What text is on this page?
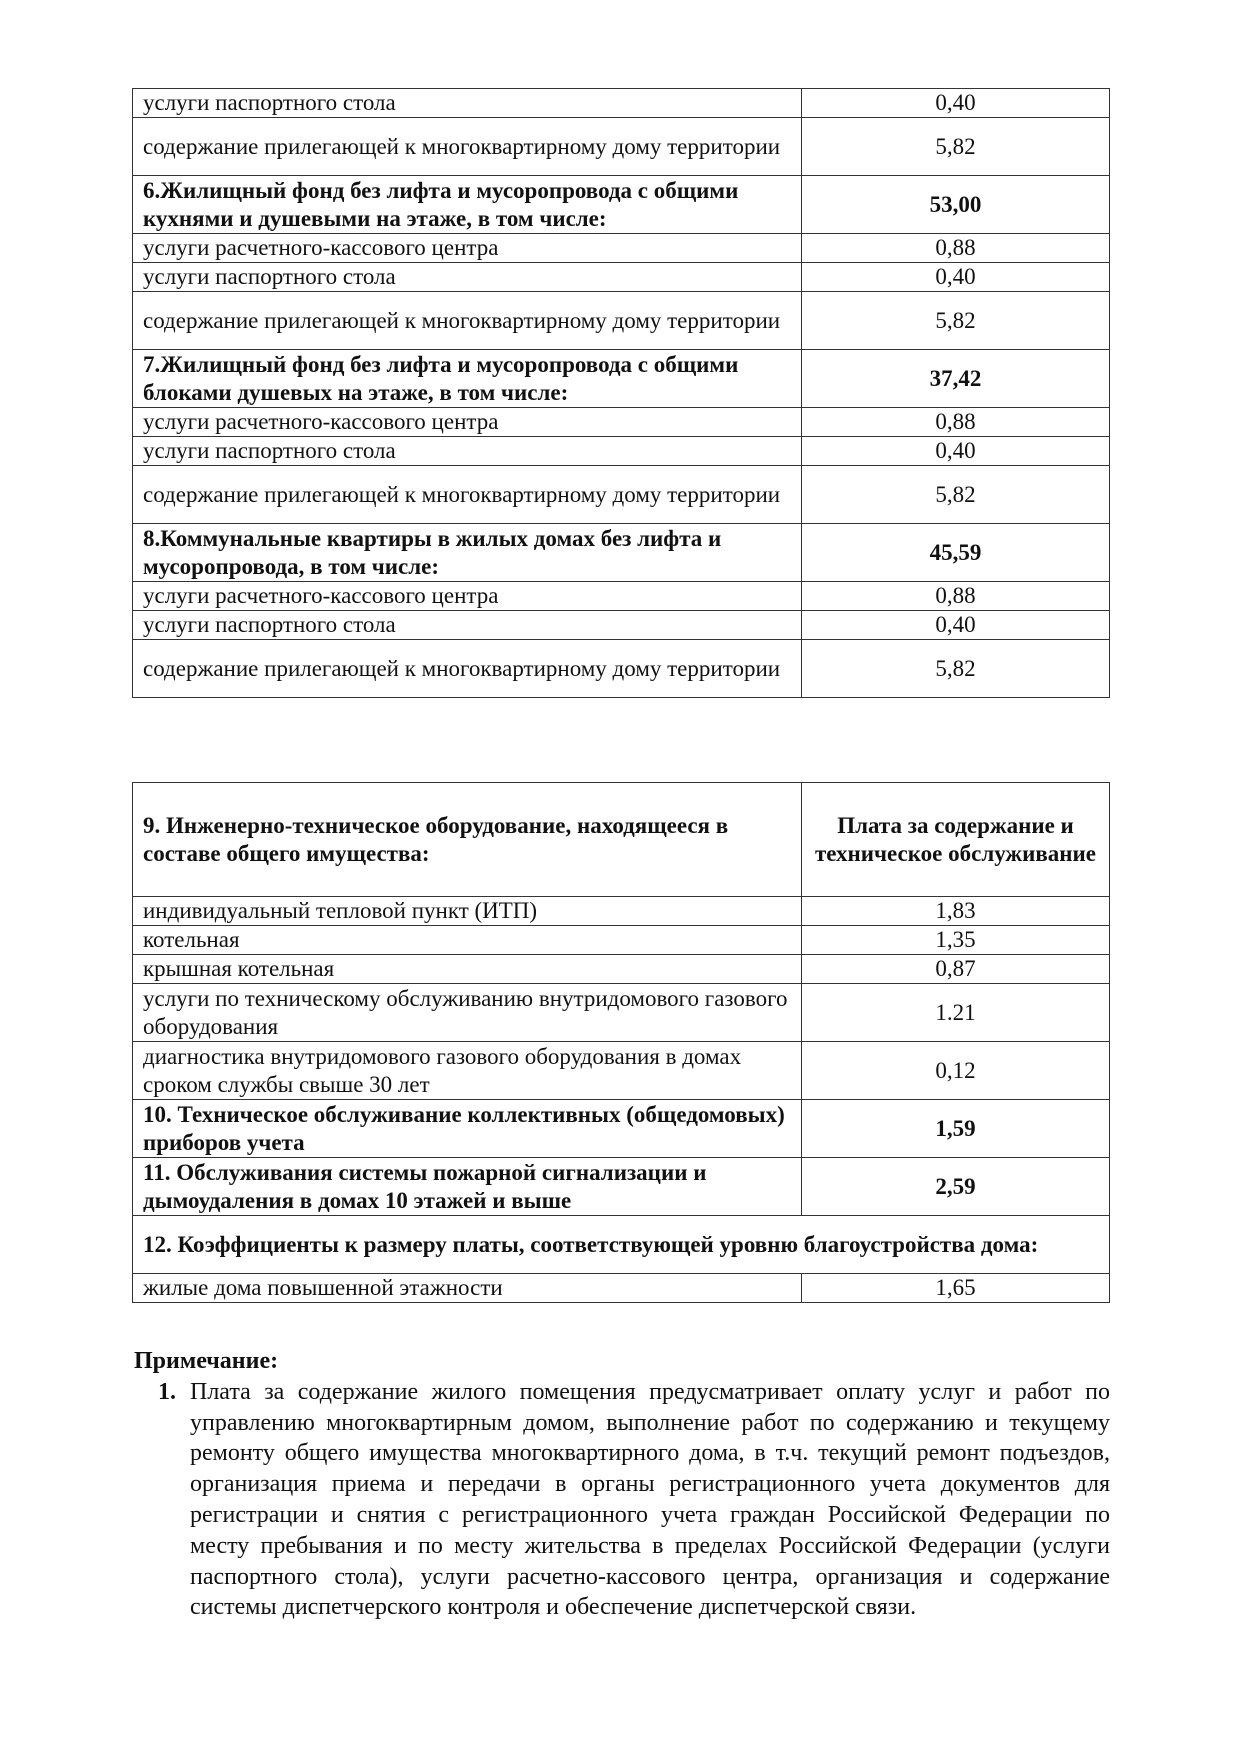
услуги паспортного стола	0,40
содержание прилегающей к многоквартирному дому территории	5,82
6.Жилищный фонд без лифта и мусоропровода с общими кухнями и душевыми на этаже, в том числе:	53,00
услуги расчетного-кассового центра	0,88
услуги паспортного стола	0,40
содержание прилегающей к многоквартирному дому территории	5,82
7.Жилищный фонд без лифта и мусоропровода с общими блоками душевых на этаже, в том числе:	37,42
услуги расчетного-кассового центра	0,88
услуги паспортного стола	0,40
содержание прилегающей к многоквартирному дому территории	5,82
8.Коммунальные квартиры в жилых домах без лифта и мусоропровода, в том числе:	45,59
услуги расчетного-кассового центра	0,88
услуги паспортного стола	0,40
содержание прилегающей к многоквартирному дому территории	5,82
9. Инженерно-техническое оборудование, находящееся в составе общего имущества:	Плата за содержание и техническое обслуживание
индивидуальный тепловой пункт (ИТП)	1,83
котельная	1,35
крышная котельная	0,87
услуги по техническому обслуживанию внутридомового газового оборудования	1.21
диагностика внутридомового газового оборудования в домах сроком службы свыше 30 лет	0,12
10. Техническое обслуживание коллективных (общедомовых) приборов учета	1,59
11. Обслуживания системы пожарной сигнализации и дымоудаления в домах 10 этажей и выше	2,59
12. Коэффициенты к размеру платы, соответствующей уровню благоустройства дома:	
жилые дома повышенной этажности	1,65
Примечание:
1. Плата за содержание жилого помещения предусматривает оплату услуг и работ по управлению многоквартирным домом, выполнение работ по содержанию и текущему ремонту общего имущества многоквартирного дома, в т.ч. текущий ремонт подъездов, организация приема и передачи в органы регистрационного учета документов для регистрации и снятия с регистрационного учета граждан Российской Федерации по месту пребывания и по месту жительства в пределах Российской Федерации (услуги паспортного стола), услуги расчетно-кассового центра, организация и содержание системы диспетчерского контроля и обеспечение диспетчерской связи.
